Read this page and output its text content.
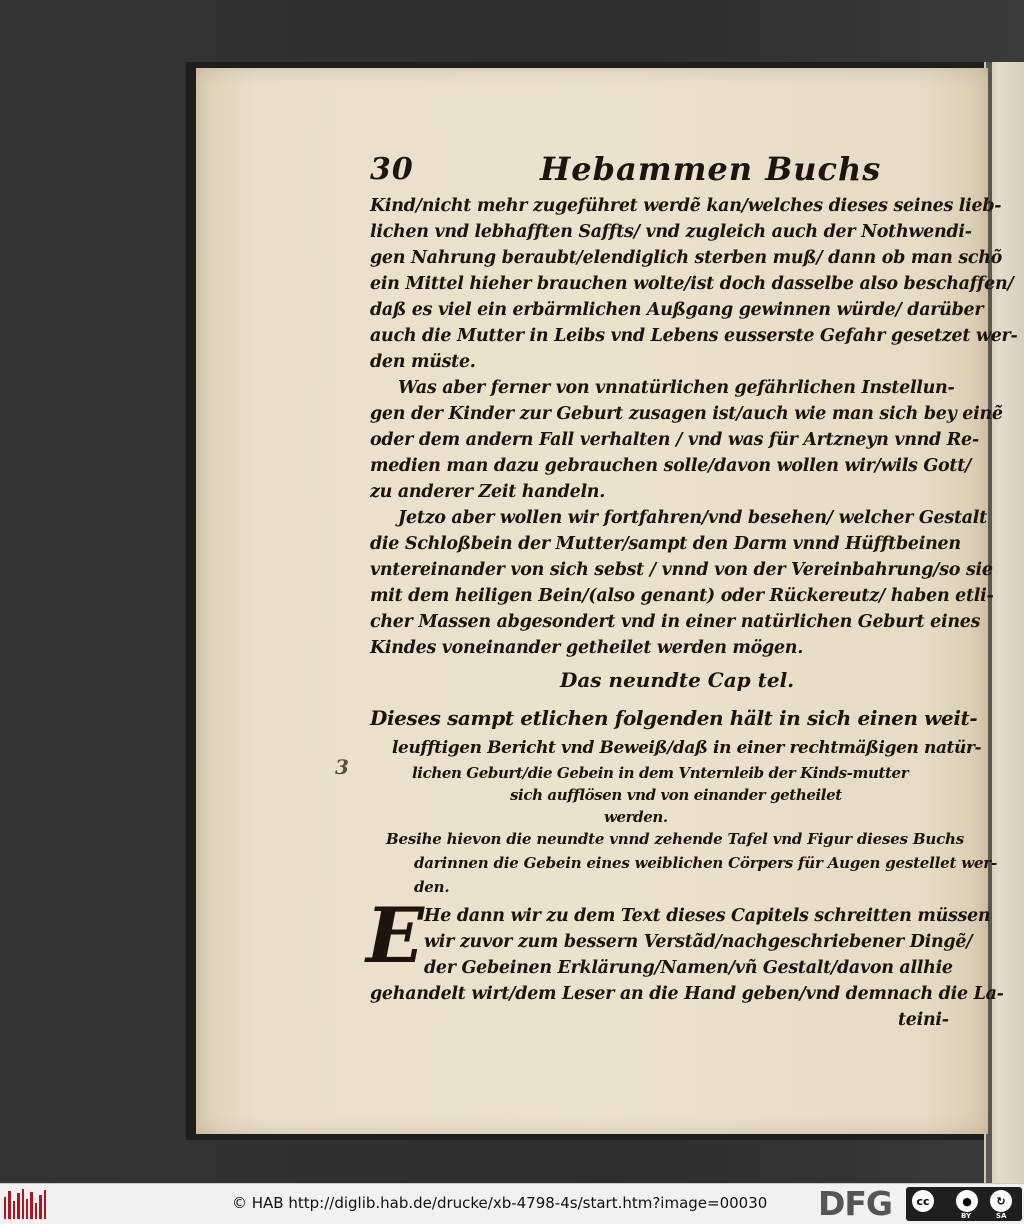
30	Hebammen Buchs
Kind/nicht mehr zugeführet werdẽ kan/welches dieses seines lieb-
lichen vnd lebhafften Saffts/ vnd zugleich auch der Nothwendi-
gen Nahrung beraubt/elendiglich sterben muß/ dann ob man schõ
ein Mittel hieher brauchen wolte/ist doch dasselbe also beschaffen/
daß es viel ein erbärmlichen Außgang gewinnen würde/ darüber
auch die Mutter in Leibs vnd Lebens eusserste Gefahr gesetzet wer-
den müste.
Was aber ferner von vnnatürlichen gefährlichen Instellun-
gen der Kinder zur Geburt zusagen ist/auch wie man sich bey einẽ
oder dem andern Fall verhalten / vnd was für Artzneyn vnnd Re-
medien man dazu gebrauchen solle/davon wollen wir/wils Gott/
zu anderer Zeit handeln.
Jetzo aber wollen wir fortfahren/vnd besehen/ welcher Gestalt
die Schloßbein der Mutter/sampt den Darm vnnd Hüfftbeinen
vntereinander von sich sebst / vnnd von der Vereinbahrung/so sie
mit dem heiligen Bein/(also genant) oder Rückereutz/ haben etli-
cher Massen abgesondert vnd in einer natürlichen Geburt eines
Kindes voneinander getheilet werden mögen.
Das neundte Cap tel.
Dieses sampt etlichen folgenden hält in sich einen weit-
leufftigen Bericht vnd Beweiß/daß in einer rechtmäßigen natür-
lichen Geburt/die Gebein in dem Vnternleib der Kinds-mutter
sich aufflösen vnd von einander getheilet
werden.
Besihe hievon die neundte vnnd zehende Tafel vnd Figur dieses Buchs
darinnen die Gebein eines weiblichen Cörpers für Augen gestellet wer-
den.
3
E He dann wir zu dem Text dieses Capitels schreitten müssen
wir zuvor zum bessern Verstãd/nachgeschriebener Dingẽ/
der Gebeinen Erklärung/Namen/vñ Gestalt/davon allhie
gehandelt wirt/dem Leser an die Hand geben/vnd demnach die La-
teini-
© HAB http://diglib.hab.de/drucke/xb-4798-4s/start.htm?image=00030 DFG	cc	●	↻
BY	SA
